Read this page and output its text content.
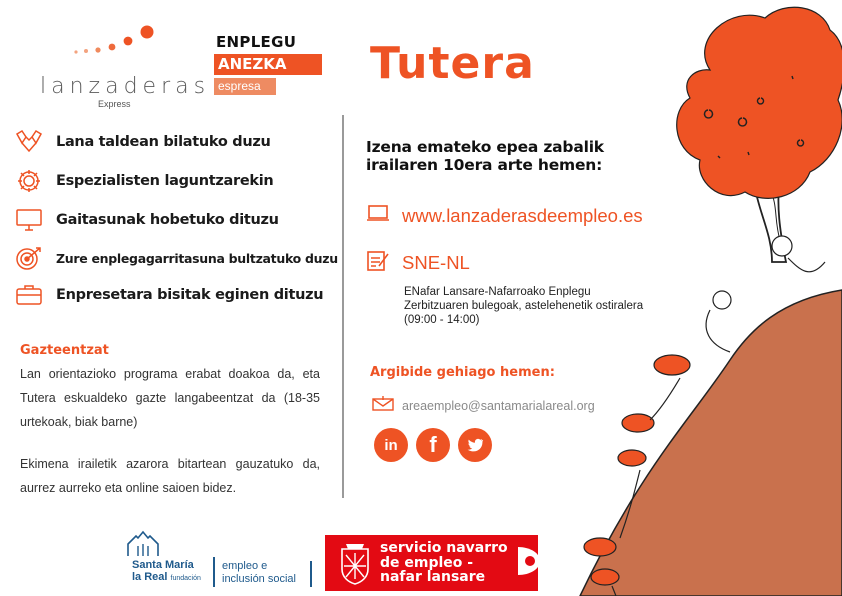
lanzaderas
Express
ENPLEGU
ANEZKA
espresa	Tutera
Lana taldean bilatuko duzu
Espezialisten laguntzarekin
Gaitasunak hobetuko dituzu
Zure enplegagarritasuna bultzatuko duzu
Enpresetara bisitak eginen dituzu
Gazteentzat
Lan orientazioko programa erabat doakoa da, eta Tutera eskualdeko gazte langabeentzat da (18-35 urtekoak, biak barne)
Ekimena irailetik azarora bitartean gauzatuko da, aurrez aurreko eta online saioen bidez.
Izena emateko epea zabalik irailaren 10era arte hemen:
www.lanzaderasdeempleo.es
SNE-NL
ENafar Lansare-Nafarroako Enplegu Zerbitzuaren bulegoak, astelehenetik ostiralera (09:00 - 14:00)
Argibide gehiago hemen:
areaempleo@santamarialareal.org
in	f
Santa María
la Real fundación
empleo e
inclusión social
servicio navarro
de empleo -
nafar lansare
